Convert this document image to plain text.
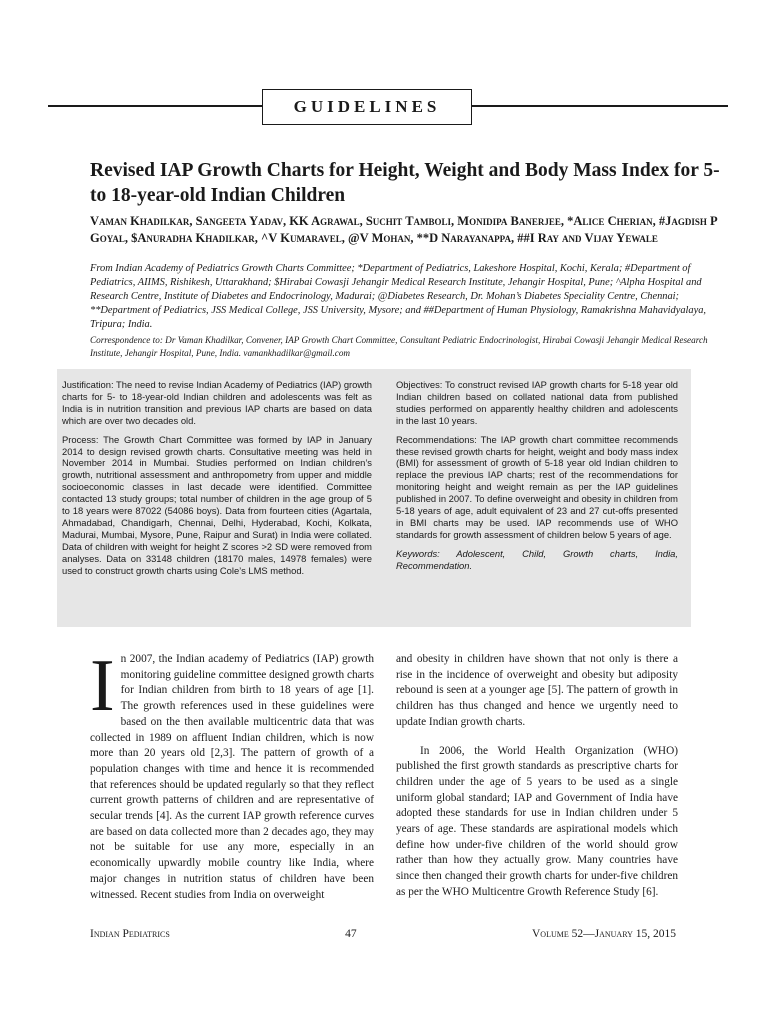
GUIDELINES
Revised IAP Growth Charts for Height, Weight and Body Mass Index for 5- to 18-year-old Indian Children
Vaman Khadilkar, Sangeeta Yadav, KK Agrawal, Suchit Tamboli, Monidipa Banerjee, *Alice Cherian, #Jagdish P Goyal, $Anuradha Khadilkar, ^V Kumaravel, @V Mohan, **D Narayanappa, ##I Ray and Vijay Yewale
From Indian Academy of Pediatrics Growth Charts Committee; *Department of Pediatrics, Lakeshore Hospital, Kochi, Kerala; #Department of Pediatrics, AIIMS, Rishikesh, Uttarakhand; $Hirabai Cowasji Jehangir Medical Research Institute, Jehangir Hospital, Pune; ^Alpha Hospital and Research Centre, Institute of Diabetes and Endocrinology, Madurai; @Diabetes Research, Dr. Mohan’s Diabetes Speciality Centre, Chennai; **Department of Pediatrics, JSS Medical College, JSS University, Mysore; and ##Department of Human Physiology, Ramakrishna Mahavidyalaya, Tripura; India.
Correspondence to: Dr Vaman Khadilkar, Convener, IAP Growth Chart Committee, Consultant Pediatric Endocrinologist, Hirabai Cowasji Jehangir Medical Research Institute, Jehangir Hospital, Pune, India. vamankhadilkar@gmail.com

Justification: The need to revise Indian Academy of Pediatrics (IAP) growth charts for 5- to 18-year-old Indian children and adolescents was felt as India is in nutrition transition and previous IAP charts are based on data which are over two decades old.

Process: The Growth Chart Committee was formed by IAP in January 2014 to design revised growth charts. Consultative meeting was held in November 2014 in Mumbai. Studies performed on Indian children’s growth, nutritional assessment and anthropometry from upper and middle socioeconomic classes in last decade were identified. Committee contacted 13 study groups; total number of children in the age group of 5 to 18 years were 87022 (54086 boys). Data from fourteen cities (Agartala, Ahmadabad, Chandigarh, Chennai, Delhi, Hyderabad, Kochi, Kolkata, Madurai, Mumbai, Mysore, Pune, Raipur and Surat) in India were collated. Data of children with weight for height Z scores >2 SD were removed from analyses. Data on 33148 children (18170 males, 14978 females) were used to construct growth charts using Cole’s LMS method.

Objectives: To construct revised IAP growth charts for 5-18 year old Indian children based on collated national data from published studies performed on apparently healthy children and adolescents in the last 10 years.

Recommendations: The IAP growth chart committee recommends these revised growth charts for height, weight and body mass index (BMI) for assessment of growth of 5-18 year old Indian children to replace the previous IAP charts; rest of the recommendations for monitoring height and weight remain as per the IAP guidelines published in 2007. To define overweight and obesity in children from 5-18 years of age, adult equivalent of 23 and 27 cut-offs presented in BMI charts may be used. IAP recommends use of WHO standards for growth assessment of children below 5 years of age.

Keywords: Adolescent, Child, Growth charts, India, Recommendation.

I n 2007, the Indian academy of Pediatrics (IAP) growth monitoring guideline committee designed growth charts for Indian children from birth to 18 years of age [1]. The growth references used in these guidelines were based on the then available multicentric data that was collected in 1989 on affluent Indian children, which is now more than 20 years old [2,3]. The pattern of growth of a population changes with time and hence it is recommended that references should be updated regularly so that they reflect current growth patterns of children and are representative of secular trends [4]. As the current IAP growth reference curves are based on data collected more than 2 decades ago, they may not be suitable for use any more, especially in an economically upwardly mobile country like India, where major changes in nutrition status of children have been witnessed. Recent studies from India on overweight

and obesity in children have shown that not only is there a rise in the incidence of overweight and obesity but adiposity rebound is seen at a younger age [5]. The pattern of growth in children has thus changed and hence we urgently need to update Indian growth charts.

In 2006, the World Health Organization (WHO) published the first growth standards as prescriptive charts for children under the age of 5 years to be used as a single uniform global standard; IAP and Government of India have adopted these standards for use in Indian children under 5 years of age. These standards are aspirational models which define how under-five children of the world should grow rather than how they actually grow. Many countries have since then changed their growth charts for under-five children as per the WHO Multicentre Growth Reference Study [6].

Indian Pediatrics	47	Volume 52—January 15, 2015
